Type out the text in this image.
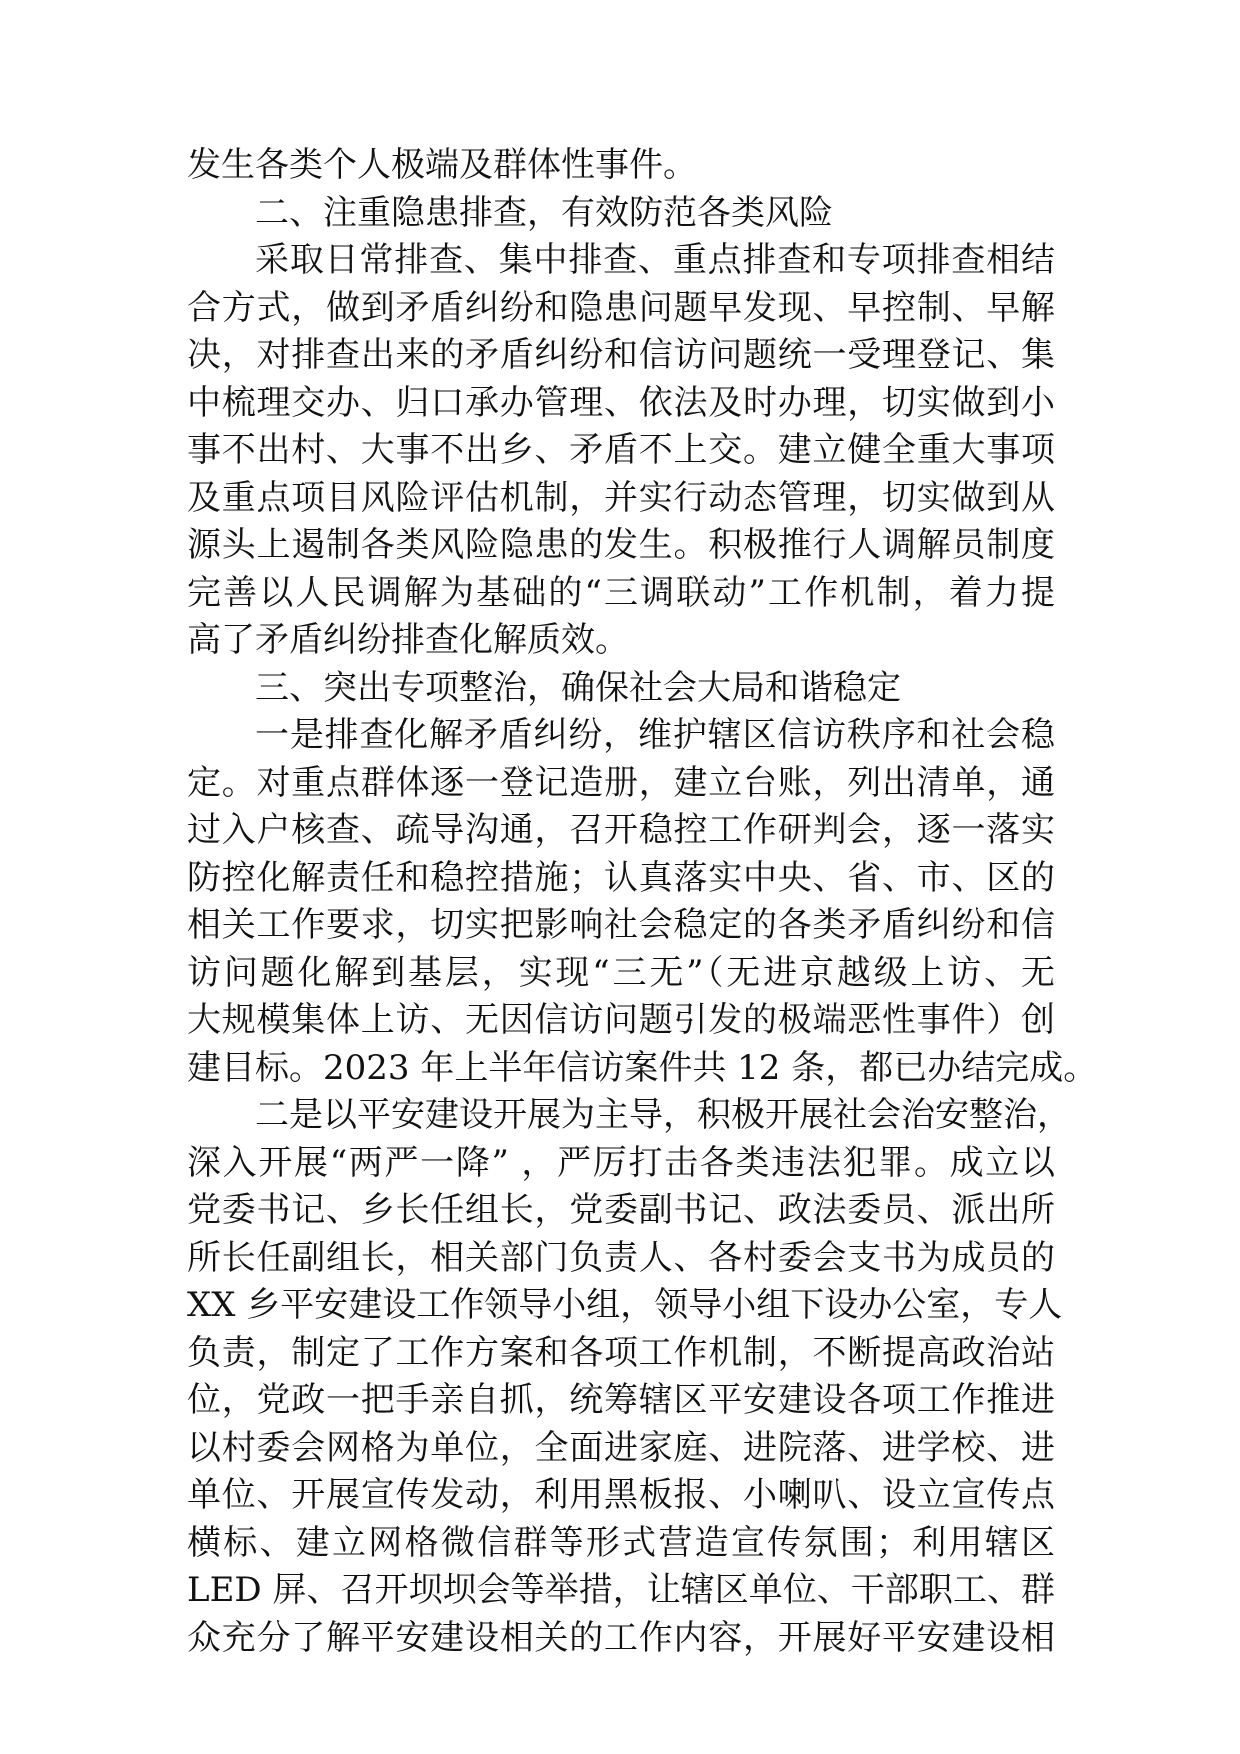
发生各类个人极端及群体性事件。
二、注重隐患排查，有效防范各类风险
采取日常排查、集中排查、重点排查和专项排查相结
合方式，做到矛盾纠纷和隐患问题早发现、早控制、早解
决，对排查出来的矛盾纠纷和信访问题统一受理登记、集
中梳理交办、归口承办管理、依法及时办理，切实做到小
事不出村、大事不出乡、矛盾不上交。建立健全重大事项
及重点项目风险评估机制，并实行动态管理，切实做到从
源头上遏制各类风险隐患的发生。积极推行人调解员制度
完善以人民调解为基础的“三调联动”工作机制，着力提
高了矛盾纠纷排查化解质效。
三、突出专项整治，确保社会大局和谐稳定
一是排查化解矛盾纠纷，维护辖区信访秩序和社会稳
定。对重点群体逐一登记造册，建立台账，列出清单，通
过入户核查、疏导沟通，召开稳控工作研判会，逐一落实
防控化解责任和稳控措施；认真落实中央、省、市、区的
相关工作要求，切实把影响社会稳定的各类矛盾纠纷和信
访问题化解到基层，实现“三无”（无进京越级上访、无
大规模集体上访、无因信访问题引发的极端恶性事件）创
建目标。2023 年上半年信访案件共 12 条，都已办结完成。
二是以平安建设开展为主导，积极开展社会治安整治，
深入开展“两严一降” ，严厉打击各类违法犯罪。成立以
党委书记、乡长任组长，党委副书记、政法委员、派出所
所长任副组长，相关部门负责人、各村委会支书为成员的
XX 乡平安建设工作领导小组，领导小组下设办公室，专人
负责，制定了工作方案和各项工作机制，不断提高政治站
位，党政一把手亲自抓，统筹辖区平安建设各项工作推进
以村委会网格为单位，全面进家庭、进院落、进学校、进
单位、开展宣传发动，利用黑板报、小喇叭、设立宣传点
横标、建立网格微信群等形式营造宣传氛围；利用辖区
LED 屏、召开坝坝会等举措，让辖区单位、干部职工、群
众充分了解平安建设相关的工作内容，开展好平安建设相
